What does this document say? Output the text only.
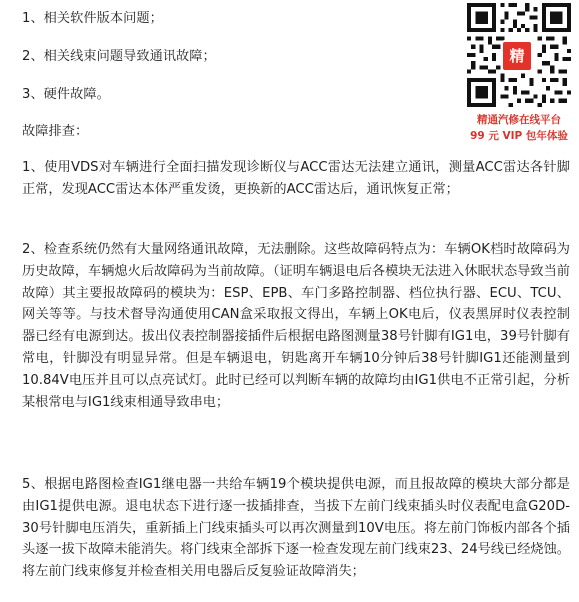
1、相关软件版本问题；
2、相关线束问题导致通讯故障；
3、硬件故障。
故障排查：
1、使用VDS对车辆进行全面扫描发现诊断仪与ACC雷达无法建立通讯，测量ACC雷达各针脚正常，发现ACC雷达本体严重发烫，更换新的ACC雷达后，通讯恢复正常；
2、检查系统仍然有大量网络通讯故障，无法删除。这些故障码特点为：车辆OK档时故障码为历史故障，车辆熄火后故障码为当前故障。（证明车辆退电后各模块无法进入休眠状态导致当前故障）其主要报故障码的模块为：ESP、EPB、车门多路控制器、档位执行器、ECU、TCU、网关等等。与技术督导沟通使用CAN盒采取报文得出，车辆上OK电后，仪表黑屏时仪表控制器已经有电源到达。拔出仪表控制器接插件后根据电路图测量38号针脚有IG1电，39号针脚有常电，针脚没有明显异常。但是车辆退电，钥匙离开车辆10分钟后38号针脚IG1还能测量到10.84V电压并且可以点亮试灯。此时已经可以判断车辆的故障均由IG1供电不正常引起，分析某根常电与IG1线束相通导致串电；
5、根据电路图检查IG1继电器一共给车辆19个模块提供电源，而且报故障的模块大部分都是由IG1提供电源。退电状态下进行逐一拔插排查，当拔下左前门线束插头时仪表配电盒G20D-30号针脚电压消失，重新插上门线束插头可以再次测量到10V电压。将左前门饰板内部各个插头逐一拔下故障未能消失。将门线束全部拆下逐一检查发现左前门线束23、24号线已经烧蚀。将左前门线束修复并检查相关用电器后反复验证故障消失；
精
精通汽修在线平台
99 元 VIP 包年体验
